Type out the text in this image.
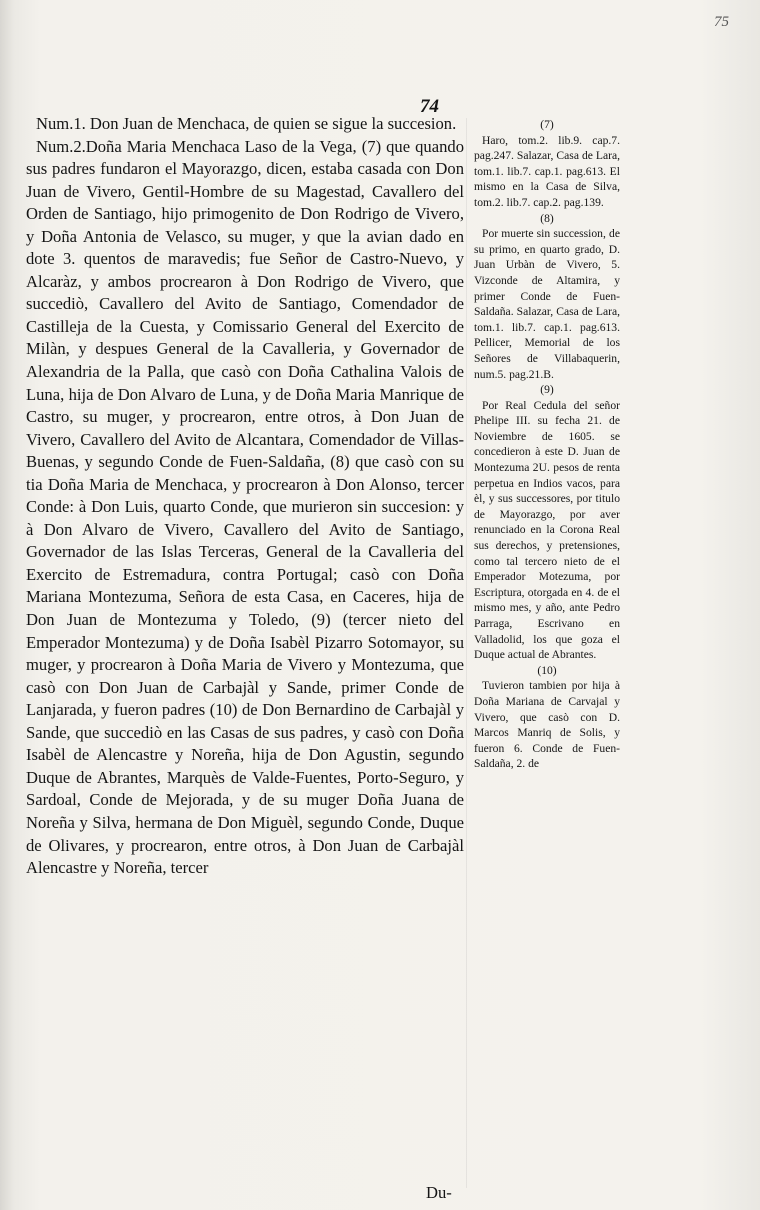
75
74

Num.1. Don Juan de Menchaca, de quien se sigue la succesion.

Num.2.Doña Maria Menchaca Laso de la Vega, (7) que quando sus padres fundaron el Mayorazgo, dicen, estaba casada con Don Juan de Vivero, Gentil-Hombre de su Magestad, Cavallero del Orden de Santiago, hijo primogenito de Don Rodrigo de Vivero, y Doña Antonia de Velasco, su muger, y que la avian dado en dote 3. quentos de maravedis; fue Señor de Castro-Nuevo, y Alcaràz, y ambos procrearon à Don Rodrigo de Vivero, que succediò, Cavallero del Avito de Santiago, Comendador de Castilleja de la Cuesta, y Comissario General del Exercito de Milàn, y despues General de la Cavalleria, y Governador de Alexandria de la Palla, que casò con Doña Cathalina Valois de Luna, hija de Don Alvaro de Luna, y de Doña Maria Manrique de Castro, su muger, y procrearon, entre otros, à Don Juan de Vivero, Cavallero del Avito de Alcantara, Comendador de Villas-Buenas, y segundo Conde de Fuen-Saldaña, (8) que casò con su tia Doña Maria de Menchaca, y procrearon à Don Alonso, tercer Conde: à Don Luis, quarto Conde, que murieron sin succesion: y à Don Alvaro de Vivero, Cavallero del Avito de Santiago, Governador de las Islas Terceras, General de la Cavalleria del Exercito de Estremadura, contra Portugal; casò con Doña Mariana Montezuma, Señora de esta Casa, en Caceres, hija de Don Juan de Montezuma y Toledo, (9) (tercer nieto del Emperador Montezuma) y de Doña Isabèl Pizarro Sotomayor, su muger, y procrearon à Doña Maria de Vivero y Montezuma, que casò con Don Juan de Carbajàl y Sande, primer Conde de Lanjarada, y fueron padres (10) de Don Bernardino de Carbajàl y Sande, que succediò en las Casas de sus padres, y casò con Doña Isabèl de Alencastre y Noreña, hija de Don Agustin, segundo Duque de Abrantes, Marquès de Valde-Fuentes, Porto-Seguro, y Sardoal, Conde de Mejorada, y de su muger Doña Juana de Noreña y Silva, hermana de Don Miguèl, segundo Conde, Duque de Olivares, y procrearon, entre otros, à Don Juan de Carbajàl Alencastre y Noreña, tercer

(7)
Haro, tom.2. lib.9. cap.7. pag.247. Salazar, Casa de Lara, tom.1. lib.7. cap.1. pag.613. El mismo en la Casa de Silva, tom.2. lib.7. cap.2. pag.139.
(8)
Por muerte sin succession, de su primo, en quarto grado, D. Juan Urbàn de Vivero, 5. Vizconde de Altamira, y primer Conde de Fuen-Saldaña. Salazar, Casa de Lara, tom.1. lib.7. cap.1. pag.613. Pellicer, Memorial de los Señores de Villabaquerin, num.5. pag.21.B.
(9)
Por Real Cedula del señor Phelipe III. su fecha 21. de Noviembre de 1605. se concedieron à este D. Juan de Montezuma 2U. pesos de renta perpetua en Indios vacos, para èl, y sus successores, por titulo de Mayorazgo, por aver renunciado en la Corona Real sus derechos, y pretensiones, como tal tercero nieto de el Emperador Motezuma, por Escriptura, otorgada en 4. de el mismo mes, y año, ante Pedro Parraga, Escrivano en Valladolid, los que goza el Duque actual de Abrantes.
(10)
Tuvieron tambien por hija à Doña Mariana de Carvajal y Vivero, que casò con D. Marcos Manriq de Solis, y fueron 6. Conde de Fuen-Saldaña, 2. de
Du-
